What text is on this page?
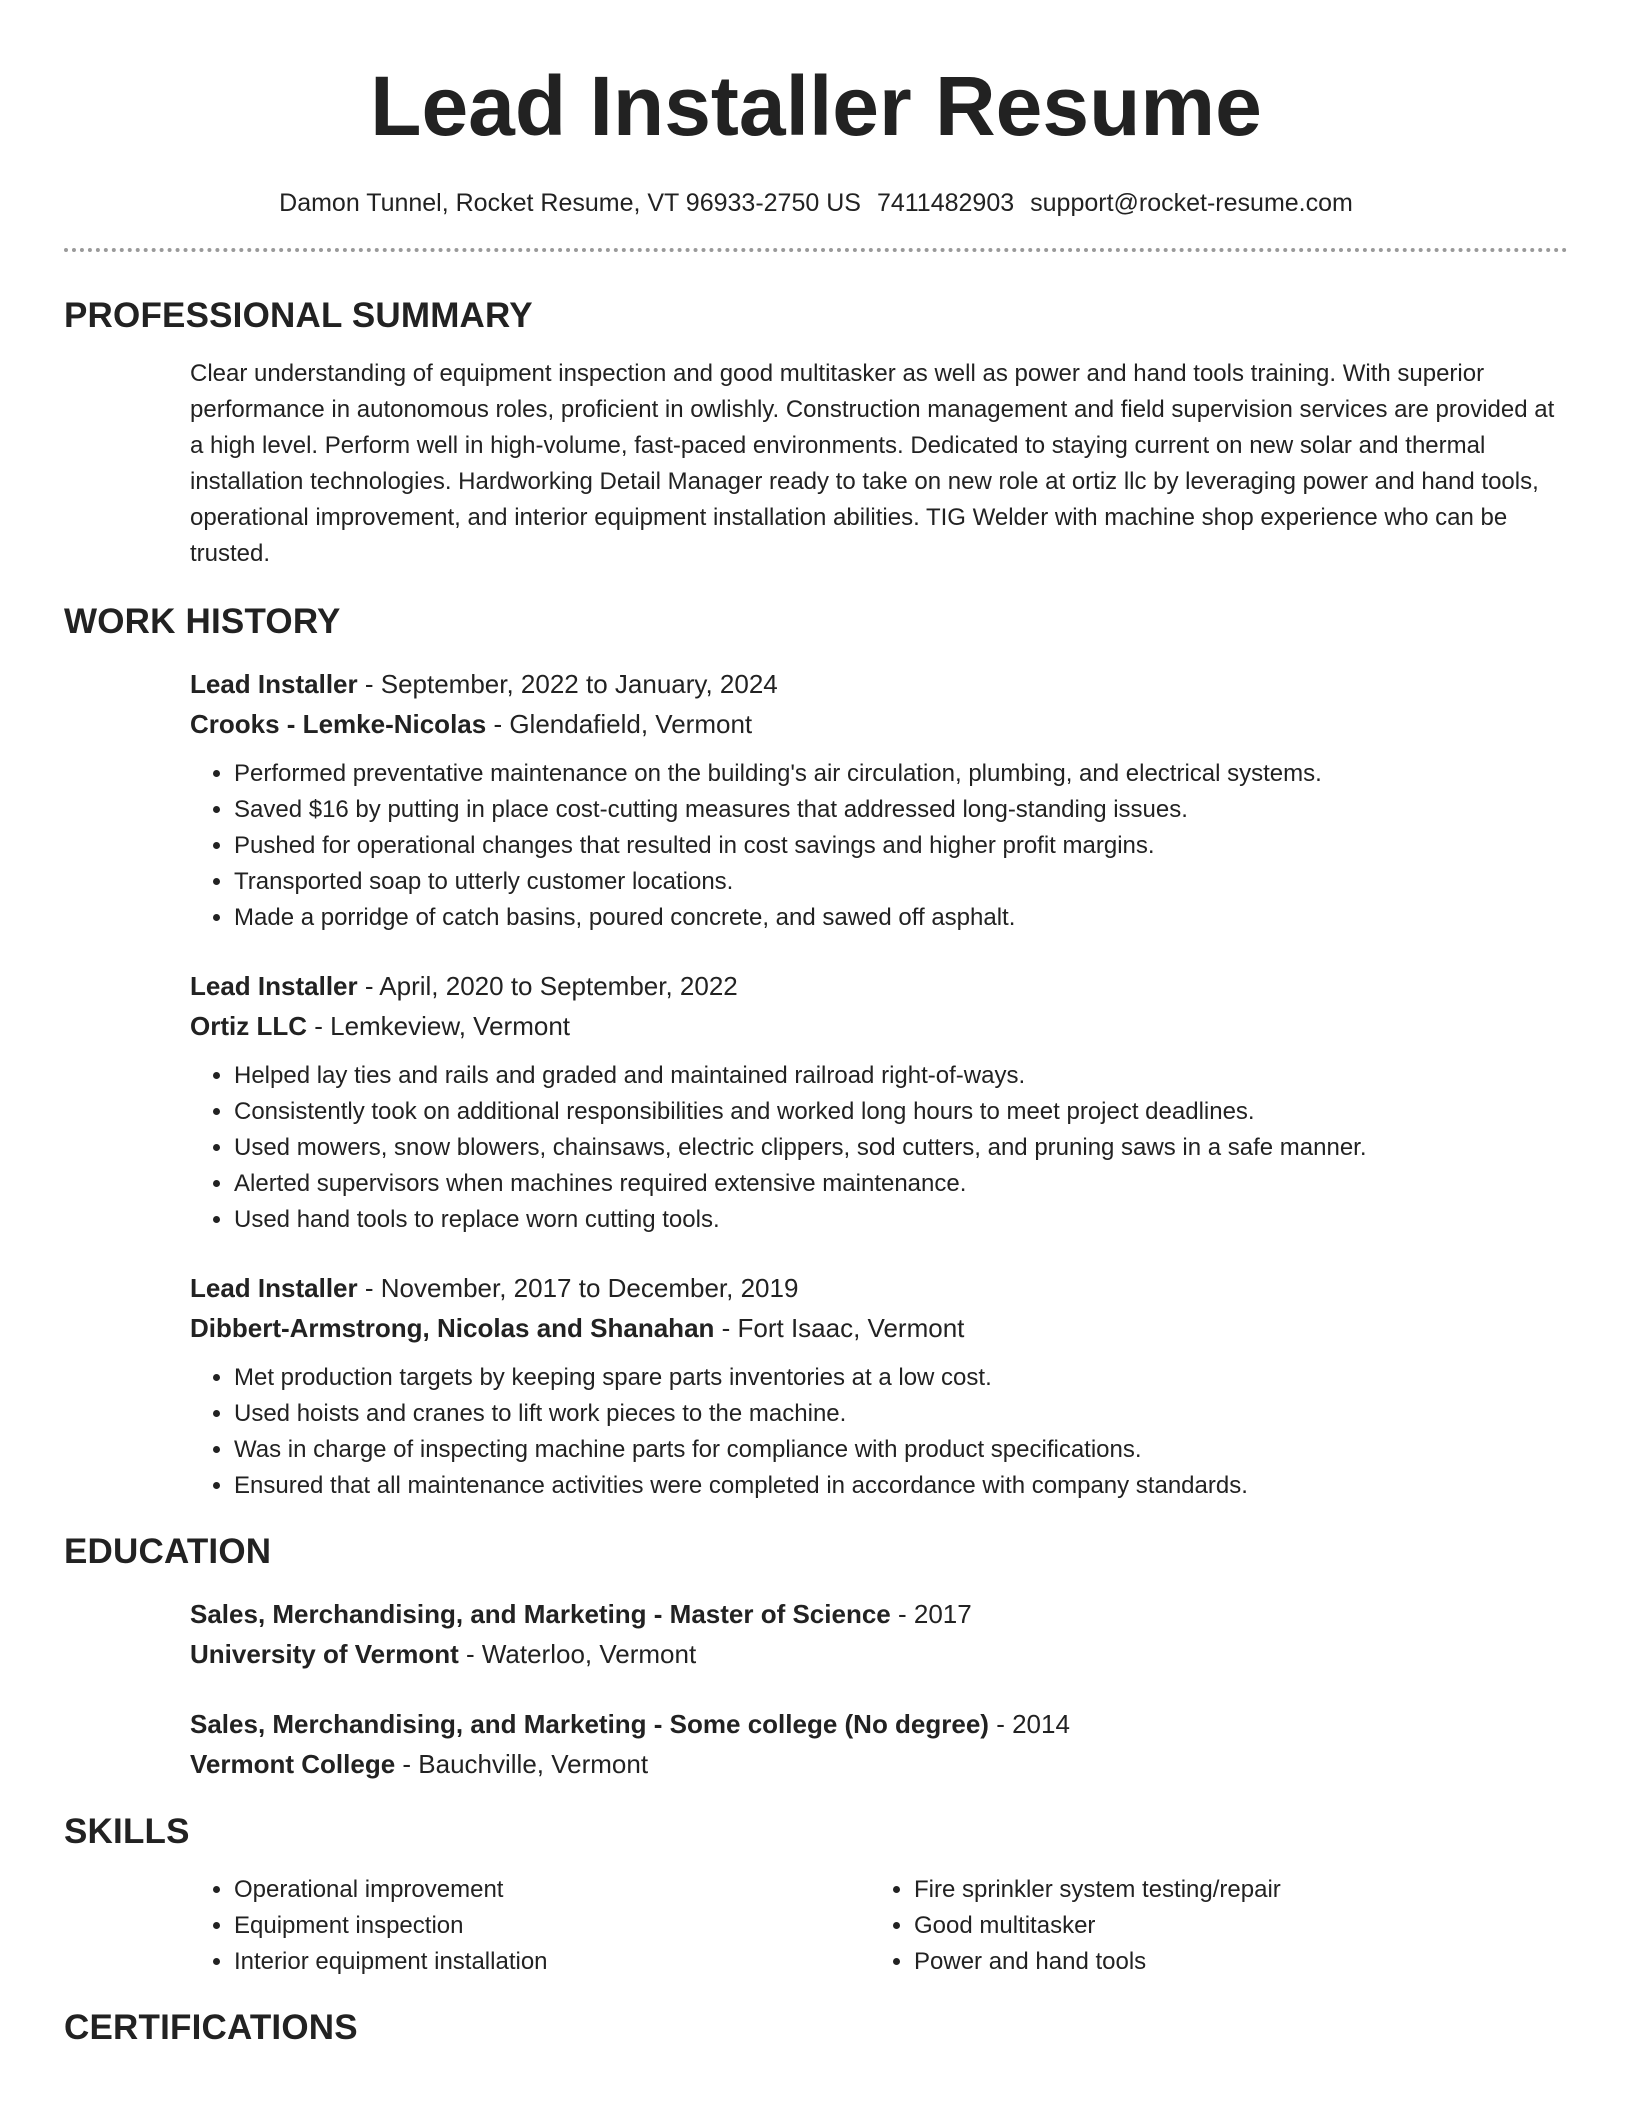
Lead Installer Resume
Damon Tunnel, Rocket Resume, VT 96933-2750 US 7411482903 support@rocket-resume.com
PROFESSIONAL SUMMARY

Clear understanding of equipment inspection and good multitasker as well as power and hand tools training. With superior performance in autonomous roles, proficient in owlishly. Construction management and field supervision services are provided at a high level. Perform well in high-volume, fast-paced environments. Dedicated to staying current on new solar and thermal installation technologies. Hardworking Detail Manager ready to take on new role at ortiz llc by leveraging power and hand tools, operational improvement, and interior equipment installation abilities. TIG Welder with machine shop experience who can be trusted.

WORK HISTORY

Lead Installer - September, 2022 to January, 2024

Crooks - Lemke-Nicolas - Glendafield, Vermont

• Performed preventative maintenance on the building's air circulation, plumbing, and electrical systems.
• Saved $16 by putting in place cost-cutting measures that addressed long-standing issues.
• Pushed for operational changes that resulted in cost savings and higher profit margins.
• Transported soap to utterly customer locations.
• Made a porridge of catch basins, poured concrete, and sawed off asphalt.

Lead Installer - April, 2020 to September, 2022

Ortiz LLC - Lemkeview, Vermont

• Helped lay ties and rails and graded and maintained railroad right-of-ways.
• Consistently took on additional responsibilities and worked long hours to meet project deadlines.
• Used mowers, snow blowers, chainsaws, electric clippers, sod cutters, and pruning saws in a safe manner.
• Alerted supervisors when machines required extensive maintenance.
• Used hand tools to replace worn cutting tools.

Lead Installer - November, 2017 to December, 2019

Dibbert-Armstrong, Nicolas and Shanahan - Fort Isaac, Vermont

• Met production targets by keeping spare parts inventories at a low cost.
• Used hoists and cranes to lift work pieces to the machine.
• Was in charge of inspecting machine parts for compliance with product specifications.
• Ensured that all maintenance activities were completed in accordance with company standards.
EDUCATION

Sales, Merchandising, and Marketing - Master of Science - 2017

University of Vermont - Waterloo, Vermont

Sales, Merchandising, and Marketing - Some college (No degree) - 2014

Vermont College - Bauchville, Vermont

SKILLS
• Operational improvement
• Equipment inspection
• Interior equipment installation
• Fire sprinkler system testing/repair
• Good multitasker
• Power and hand tools
CERTIFICATIONS
